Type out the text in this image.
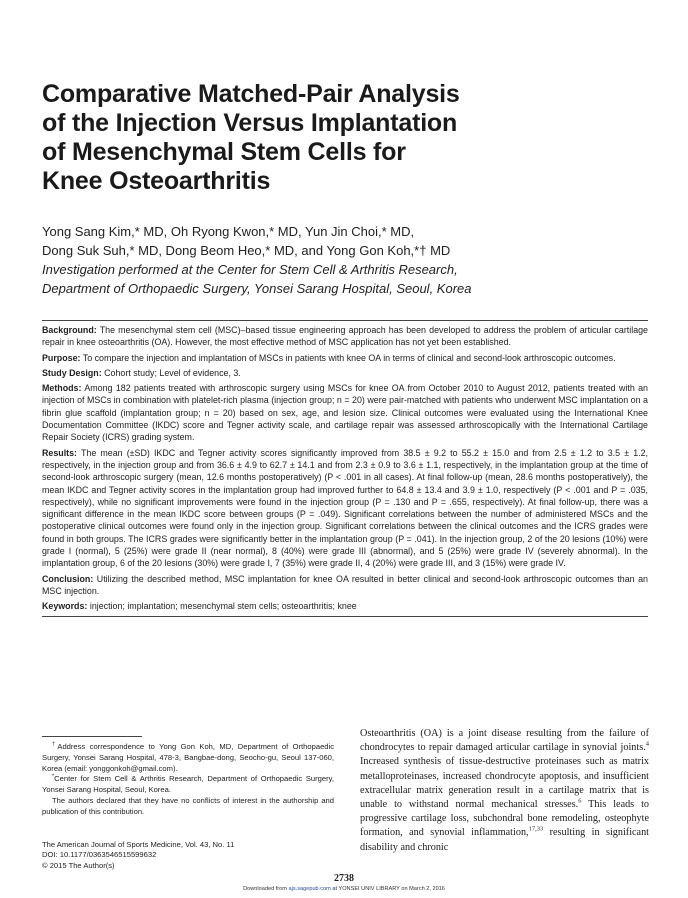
Comparative Matched-Pair Analysis
of the Injection Versus Implantation
of Mesenchymal Stem Cells for
Knee Osteoarthritis
Yong Sang Kim,* MD, Oh Ryong Kwon,* MD, Yun Jin Choi,* MD,
Dong Suk Suh,* MD, Dong Beom Heo,* MD, and Yong Gon Koh,*† MD
Investigation performed at the Center for Stem Cell & Arthritis Research,
Department of Orthopaedic Surgery, Yonsei Sarang Hospital, Seoul, Korea
Background: The mesenchymal stem cell (MSC)–based tissue engineering approach has been developed to address the problem of articular cartilage repair in knee osteoarthritis (OA). However, the most effective method of MSC application has not yet been established.
Purpose: To compare the injection and implantation of MSCs in patients with knee OA in terms of clinical and second-look arthroscopic outcomes.
Study Design: Cohort study; Level of evidence, 3.
Methods: Among 182 patients treated with arthroscopic surgery using MSCs for knee OA from October 2010 to August 2012, patients treated with an injection of MSCs in combination with platelet-rich plasma (injection group; n = 20) were pair-matched with patients who underwent MSC implantation on a fibrin glue scaffold (implantation group; n = 20) based on sex, age, and lesion size. Clinical outcomes were evaluated using the International Knee Documentation Committee (IKDC) score and Tegner activity scale, and cartilage repair was assessed arthroscopically with the International Cartilage Repair Society (ICRS) grading system.
Results: The mean (±SD) IKDC and Tegner activity scores significantly improved from 38.5 ± 9.2 to 55.2 ± 15.0 and from 2.5 ± 1.2 to 3.5 ± 1.2, respectively, in the injection group and from 36.6 ± 4.9 to 62.7 ± 14.1 and from 2.3 ± 0.9 to 3.6 ± 1.1, respectively, in the implantation group at the time of second-look arthroscopic surgery (mean, 12.6 months postoperatively) (P < .001 in all cases). At final follow-up (mean, 28.6 months postoperatively), the mean IKDC and Tegner activity scores in the implantation group had improved further to 64.8 ± 13.4 and 3.9 ± 1.0, respectively (P < .001 and P = .035, respectively), while no significant improvements were found in the injection group (P = .130 and P = .655, respectively). At final follow-up, there was a significant difference in the mean IKDC score between groups (P = .049). Significant correlations between the number of administered MSCs and the postoperative clinical outcomes were found only in the injection group. Significant correlations between the clinical outcomes and the ICRS grades were found in both groups. The ICRS grades were significantly better in the implantation group (P = .041). In the injection group, 2 of the 20 lesions (10%) were grade I (normal), 5 (25%) were grade II (near normal), 8 (40%) were grade III (abnormal), and 5 (25%) were grade IV (severely abnormal). In the implantation group, 6 of the 20 lesions (30%) were grade I, 7 (35%) were grade II, 4 (20%) were grade III, and 3 (15%) were grade IV.
Conclusion: Utilizing the described method, MSC implantation for knee OA resulted in better clinical and second-look arthroscopic outcomes than an MSC injection.
Keywords: injection; implantation; mesenchymal stem cells; osteoarthritis; knee

†Address correspondence to Yong Gon Koh, MD, Department of Orthopaedic Surgery, Yonsei Sarang Hospital, 478-3, Bangbae-dong, Seocho-gu, Seoul 137-060, Korea (email: yonggonkoh@gmail.com).

*Center for Stem Cell & Arthritis Research, Department of Orthopaedic Surgery, Yonsei Sarang Hospital, Seoul, Korea.

The authors declared that they have no conflicts of interest in the authorship and publication of this contribution.

The American Journal of Sports Medicine, Vol. 43, No. 11

DOI: 10.1177/0363546515599632

© 2015 The Author(s)

Osteoarthritis (OA) is a joint disease resulting from the failure of chondrocytes to repair damaged articular cartilage in synovial joints.$^4$ Increased synthesis of tissue-destructive proteinases such as matrix metalloproteinases, increased chondrocyte apoptosis, and insufficient extracellular matrix generation result in a cartilage matrix that is unable to withstand normal mechanical stresses.$^6$ This leads to progressive cartilage loss, subchondral bone remodeling, osteophyte formation, and synovial inflammation,$^{17,33}$ resulting in significant disability and chronic

2738
Downloaded from ajs.sagepub.com at YONSEI UNIV LIBRARY on March 2, 2016
